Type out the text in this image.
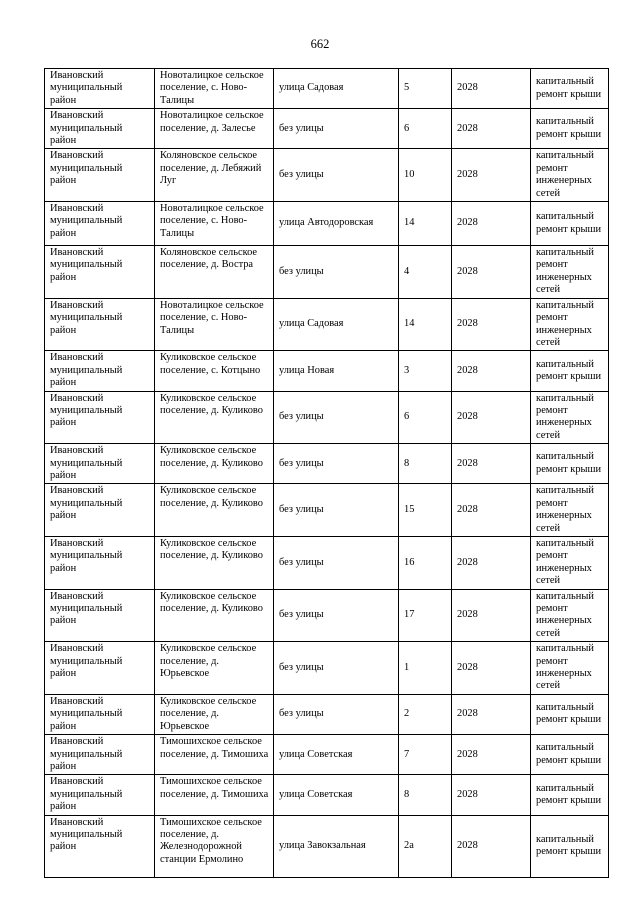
662
Ивановский муниципальный район	Новоталицкое сельское поселение, с. Ново-Талицы	улица Садовая	5	2028	капитальный ремонт крыши
Ивановский муниципальный район	Новоталицкое сельское поселение, д. Залесье	без улицы	6	2028	капитальный ремонт крыши
Ивановский муниципальный район	Коляновское сельское поселение, д. Лебяжий Луг	без улицы	10	2028	капитальный ремонт инженерных сетей
Ивановский муниципальный район	Новоталицкое сельское поселение, с. Ново-Талицы	улица Автодоровская	14	2028	капитальный ремонт крыши
Ивановский муниципальный район	Коляновское сельское поселение, д. Востра	без улицы	4	2028	капитальный ремонт инженерных сетей
Ивановский муниципальный район	Новоталицкое сельское поселение, с. Ново-Талицы	улица Садовая	14	2028	капитальный ремонт инженерных сетей
Ивановский муниципальный район	Куликовское сельское поселение, с. Котцыно	улица Новая	3	2028	капитальный ремонт крыши
Ивановский муниципальный район	Куликовское сельское поселение, д. Куликово	без улицы	6	2028	капитальный ремонт инженерных сетей
Ивановский муниципальный район	Куликовское сельское поселение, д. Куликово	без улицы	8	2028	капитальный ремонт крыши
Ивановский муниципальный район	Куликовское сельское поселение, д. Куликово	без улицы	15	2028	капитальный ремонт инженерных сетей
Ивановский муниципальный район	Куликовское сельское поселение, д. Куликово	без улицы	16	2028	капитальный ремонт инженерных сетей
Ивановский муниципальный район	Куликовское сельское поселение, д. Куликово	без улицы	17	2028	капитальный ремонт инженерных сетей
Ивановский муниципальный район	Куликовское сельское поселение, д. Юрьевское	без улицы	1	2028	капитальный ремонт инженерных сетей
Ивановский муниципальный район	Куликовское сельское поселение, д. Юрьевское	без улицы	2	2028	капитальный ремонт крыши
Ивановский муниципальный район	Тимошихское сельское поселение, д. Тимошиха	улица Советская	7	2028	капитальный ремонт крыши
Ивановский муниципальный район	Тимошихское сельское поселение, д. Тимошиха	улица Советская	8	2028	капитальный ремонт крыши
Ивановский муниципальный район	Тимошихское сельское поселение, д. Железнодорожной станции Ермолино	улица Завокзальная	2а	2028	капитальный ремонт крыши
